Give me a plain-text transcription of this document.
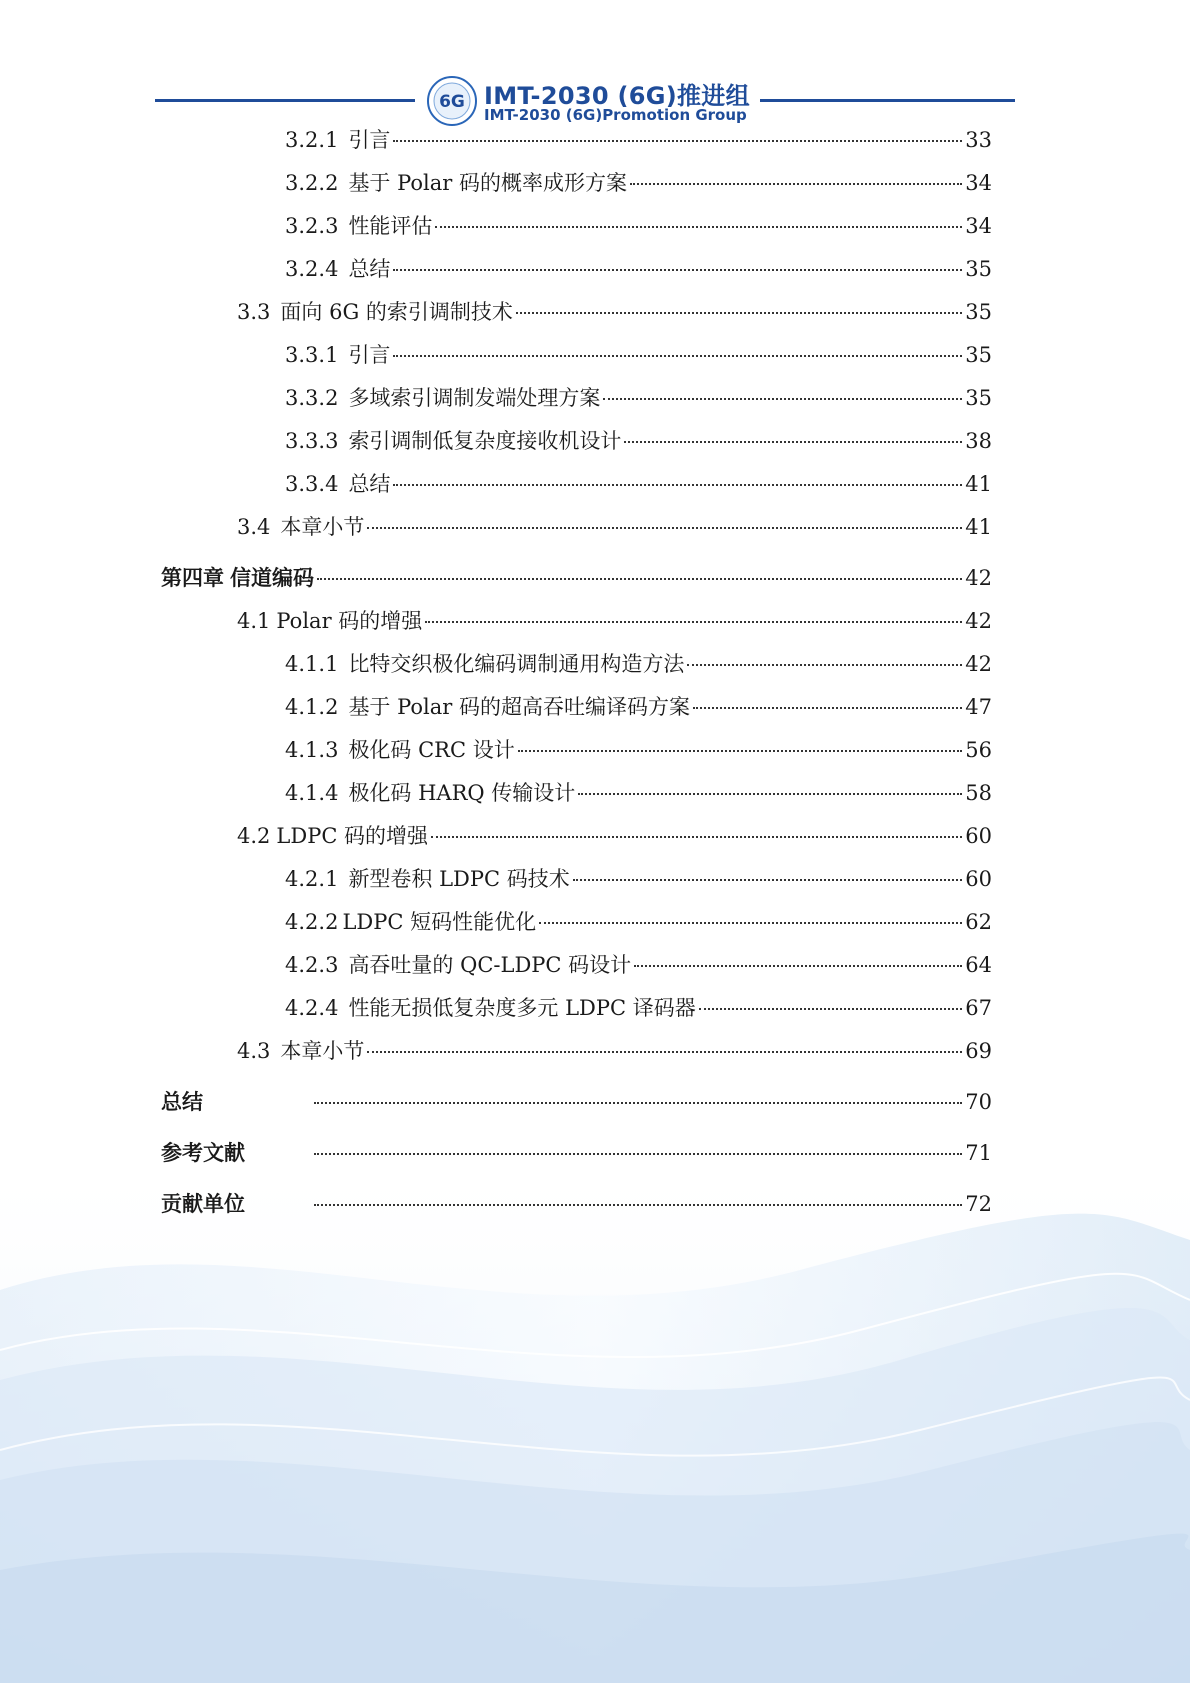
6G IMT-2030 (6G)推进组
IMT-2030 (6G)Promotion Group
3.2.1 引言	33
3.2.2 基于 Polar 码的概率成形方案	34
3.2.3 性能评估	34
3.2.4 总结	35
3.3 面向 6G 的索引调制技术	35
3.3.1 引言	35
3.3.2 多域索引调制发端处理方案	35
3.3.3 索引调制低复杂度接收机设计	38
3.3.4 总结	41
3.4 本章小节	41
第四章 信道编码	42
4.1 Polar 码的增强	42
4.1.1 比特交织极化编码调制通用构造方法	42
4.1.2 基于 Polar 码的超高吞吐编译码方案	47
4.1.3 极化码 CRC 设计	56
4.1.4 极化码 HARQ 传输设计	58
4.2 LDPC 码的增强	60
4.2.1 新型卷积 LDPC 码技术	60
4.2.2 LDPC 短码性能优化	62
4.2.3 高吞吐量的 QC-LDPC 码设计	64
4.2.4 性能无损低复杂度多元 LDPC 译码器	67
4.3 本章小节	69
总结	70
参考文献	71
贡献单位	72
